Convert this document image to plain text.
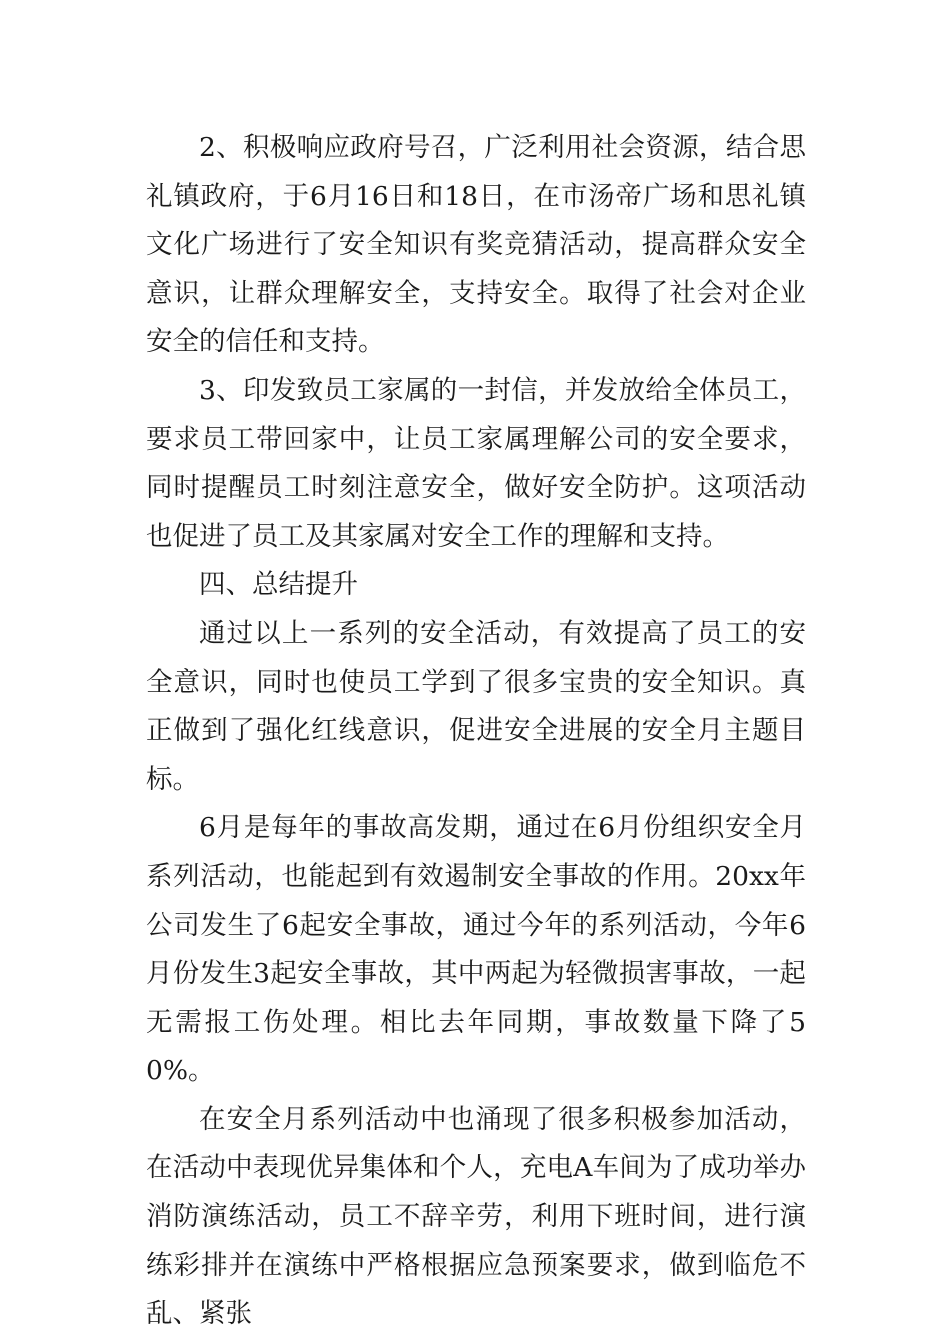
2、积极响应政府号召，广泛利用社会资源，结合思礼镇政府，于6月16日和18日，在市汤帝广场和思礼镇文化广场进行了安全知识有奖竞猜活动，提高群众安全意识，让群众理解安全，支持安全。取得了社会对企业安全的信任和支持。

3、印发致员工家属的一封信，并发放给全体员工，要求员工带回家中，让员工家属理解公司的安全要求，同时提醒员工时刻注意安全，做好安全防护。这项活动也促进了员工及其家属对安全工作的理解和支持。

四、总结提升

通过以上一系列的安全活动，有效提高了员工的安全意识，同时也使员工学到了很多宝贵的安全知识。真正做到了强化红线意识，促进安全进展的安全月主题目标。

6月是每年的事故高发期，通过在6月份组织安全月系列活动，也能起到有效遏制安全事故的作用。20xx年公司发生了6起安全事故，通过今年的系列活动，今年6月份发生3起安全事故，其中两起为轻微损害事故，一起无需报工伤处理。相比去年同期，事故数量下降了50%。

在安全月系列活动中也涌现了很多积极参加活动，在活动中表现优异集体和个人，充电A车间为了成功举办消防演练活动，员工不辞辛劳，利用下班时间，进行演练彩排并在演练中严格根据应急预案要求，做到临危不乱、紧张
